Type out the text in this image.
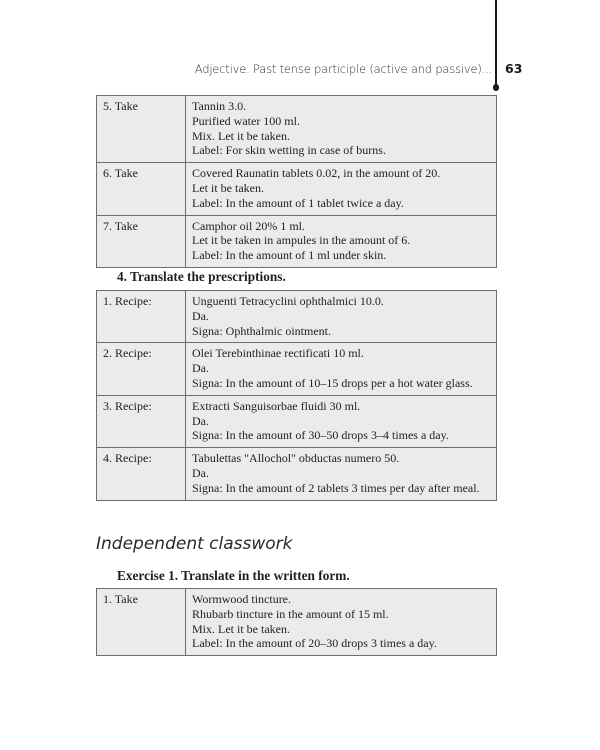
Adjective. Past tense participle (active and passive)... 63
5. Take	Tannin 3.0.
Purified water 100 ml.
Mix. Let it be taken.
Label: For skin wetting in case of burns.

6. Take	Covered Raunatin tablets 0.02, in the amount of 20.
Let it be taken.
Label: In the amount of 1 tablet twice a day.

7. Take	Camphor oil 20% 1 ml.
Let it be taken in ampules in the amount of 6.
Label: In the amount of 1 ml under skin.
4. Translate the prescriptions.
1. Recipe:	Unguenti Tetracyclini ophthalmici 10.0.
Da.
Signa: Ophthalmic ointment.

2. Recipe:	Olei Terebinthinae rectificati 10 ml.
Da.
Signa: In the amount of 10–15 drops per a hot water glass.

3. Recipe:	Extracti Sanguisorbae fluidi 30 ml.
Da.
Signa: In the amount of 30–50 drops 3–4 times a day.

4. Recipe:	Tabulettas "Allochol" obductas numero 50.
Da.
Signa: In the amount of 2 tablets 3 times per day after meal.
Independent classwork
Exercise 1. Translate in the written form.
1. Take	Wormwood tincture.
Rhubarb tincture in the amount of 15 ml.
Mix. Let it be taken.
Label: In the amount of 20–30 drops 3 times a day.
